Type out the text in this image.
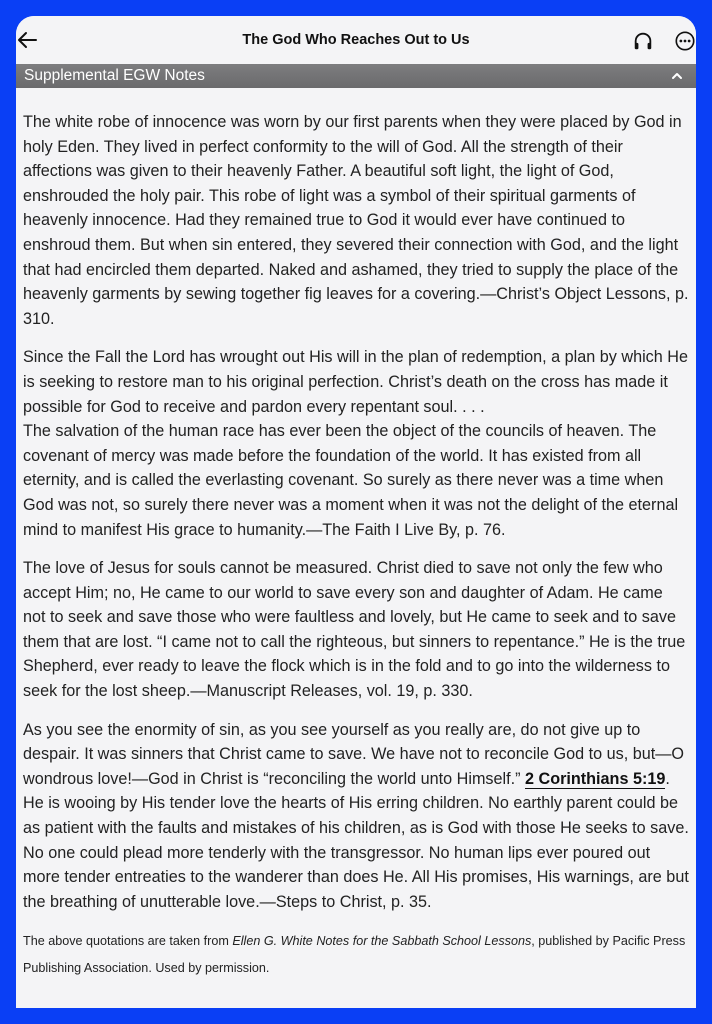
The God Who Reaches Out to Us
Supplemental EGW Notes

The white robe of innocence was worn by our first parents when they were placed by God in holy Eden. They lived in perfect conformity to the will of God. All the strength of their affections was given to their heavenly Father. A beautiful soft light, the light of God, enshrouded the holy pair. This robe of light was a symbol of their spiritual garments of heavenly innocence. Had they remained true to God it would ever have continued to enshroud them. But when sin entered, they severed their connection with God, and the light that had encircled them departed. Naked and ashamed, they tried to supply the place of the heavenly garments by sewing together fig leaves for a covering.—Christ’s Object Lessons, p. 310.

Since the Fall the Lord has wrought out His will in the plan of redemption, a plan by which He is seeking to restore man to his original perfection. Christ’s death on the cross has made it possible for God to receive and pardon every repentant soul. . . .

The salvation of the human race has ever been the object of the councils of heaven. The covenant of mercy was made before the foundation of the world. It has existed from all eternity, and is called the everlasting covenant. So surely as there never was a time when God was not, so surely there never was a moment when it was not the delight of the eternal mind to manifest His grace to humanity.—The Faith I Live By, p. 76.

The love of Jesus for souls cannot be measured. Christ died to save not only the few who accept Him; no, He came to our world to save every son and daughter of Adam. He came not to seek and save those who were faultless and lovely, but He came to seek and to save them that are lost. “I came not to call the righteous, but sinners to repentance.” He is the true Shepherd, ever ready to leave the flock which is in the fold and to go into the wilderness to seek for the lost sheep.—Manuscript Releases, vol. 19, p. 330.

As you see the enormity of sin, as you see yourself as you really are, do not give up to despair. It was sinners that Christ came to save. We have not to reconcile God to us, but—O wondrous love!—God in Christ is “reconciling the world unto Himself.” 2 Corinthians 5:19. He is wooing by His tender love the hearts of His erring children. No earthly parent could be as patient with the faults and mistakes of his children, as is God with those He seeks to save. No one could plead more tenderly with the transgressor. No human lips ever poured out more tender entreaties to the wanderer than does He. All His promises, His warnings, are but the breathing of unutterable love.—Steps to Christ, p. 35.

The above quotations are taken from Ellen G. White Notes for the Sabbath School Lessons, published by Pacific Press Publishing Association. Used by permission.
